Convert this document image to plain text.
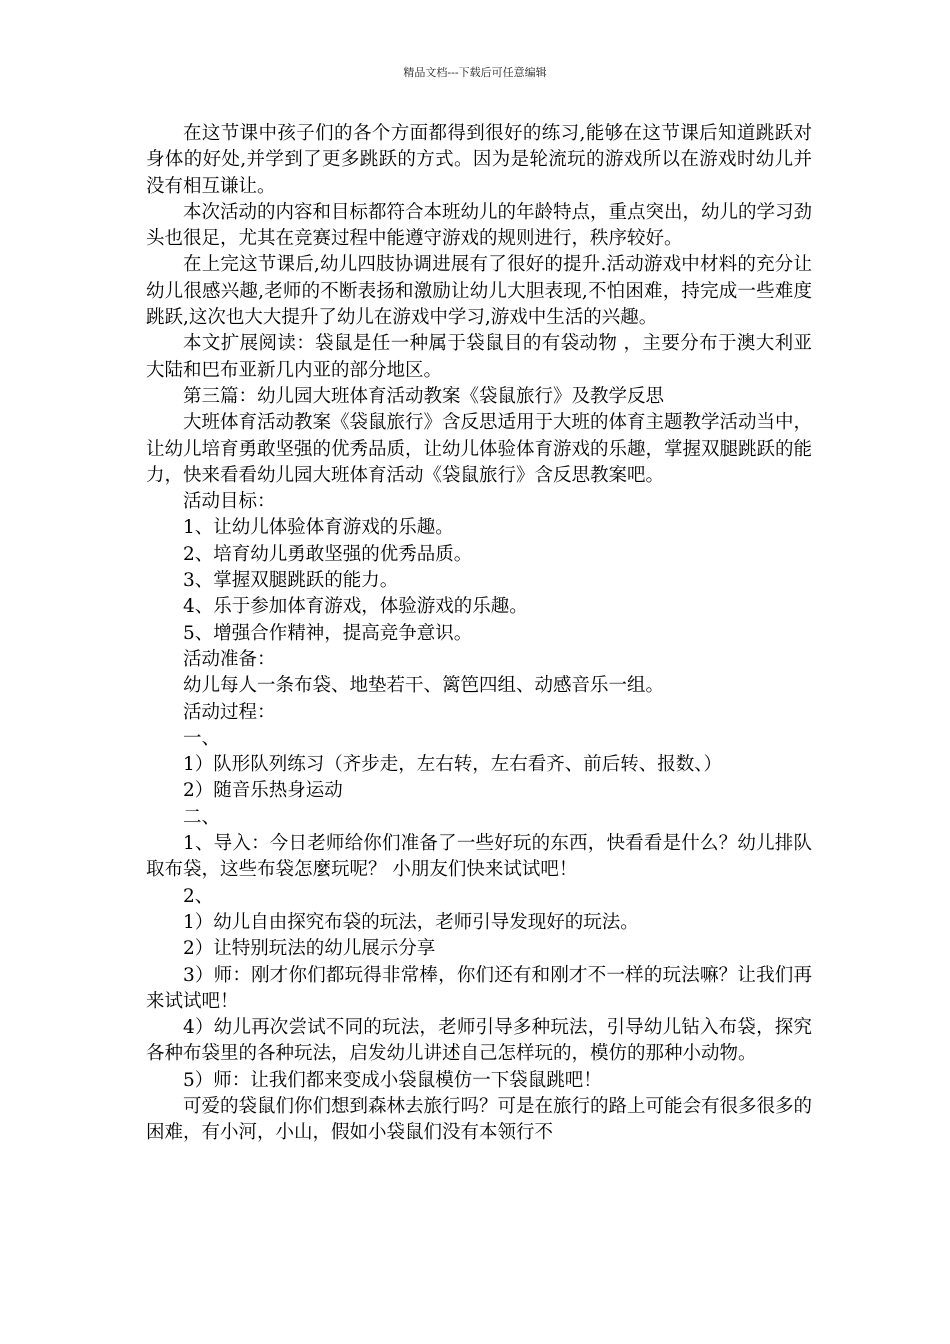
精品文档---下载后可任意编辑

在这节课中孩子们的各个方面都得到很好的练习,能够在这节课后知道跳跃对身体的好处,并学到了更多跳跃的方式。因为是轮流玩的游戏所以在游戏时幼儿并没有相互谦让。

本次活动的内容和目标都符合本班幼儿的年龄特点，重点突出，幼儿的学习劲头也很足，尤其在竞赛过程中能遵守游戏的规则进行，秩序较好。

在上完这节课后,幼儿四肢协调进展有了很好的提升.活动游戏中材料的充分让幼儿很感兴趣,老师的不断表扬和激励让幼儿大胆表现,不怕困难，持完成一些难度跳跃,这次也大大提升了幼儿在游戏中学习,游戏中生活的兴趣。

本文扩展阅读：袋鼠是任一种属于袋鼠目的有袋动物 ，主要分布于澳大利亚大陆和巴布亚新几内亚的部分地区。

第三篇：幼儿园大班体育活动教案《袋鼠旅行》及教学反思

大班体育活动教案《袋鼠旅行》含反思适用于大班的体育主题教学活动当中，让幼儿培育勇敢坚强的优秀品质，让幼儿体验体育游戏的乐趣，掌握双腿跳跃的能力，快来看看幼儿园大班体育活动《袋鼠旅行》含反思教案吧。

活动目标：

1、让幼儿体验体育游戏的乐趣。

2、培育幼儿勇敢坚强的优秀品质。

3、掌握双腿跳跃的能力。

4、乐于参加体育游戏，体验游戏的乐趣。

5、增强合作精神，提高竞争意识。

活动准备：

幼儿每人一条布袋、地垫若干、篱笆四组、动感音乐一组。

活动过程：

一、

1）队形队列练习（齐步走，左右转，左右看齐、前后转、报数、）

2）随音乐热身运动

二、

1、导入：今日老师给你们准备了一些好玩的东西，快看看是什么？幼儿排队取布袋，这些布袋怎麼玩呢？ 小朋友们快来试试吧！

2、

1）幼儿自由探究布袋的玩法，老师引导发现好的玩法。

2）让特别玩法的幼儿展示分享

3）师：刚才你们都玩得非常棒，你们还有和刚才不一样的玩法嘛？让我们再来试试吧！

4）幼儿再次尝试不同的玩法，老师引导多种玩法，引导幼儿钻入布袋，探究各种布袋里的各种玩法，启发幼儿讲述自己怎样玩的，模仿的那种小动物。

5）师：让我们都来变成小袋鼠模仿一下袋鼠跳吧！

可爱的袋鼠们你们想到森林去旅行吗？可是在旅行的路上可能会有很多很多的困难，有小河，小山，假如小袋鼠们没有本领行不
